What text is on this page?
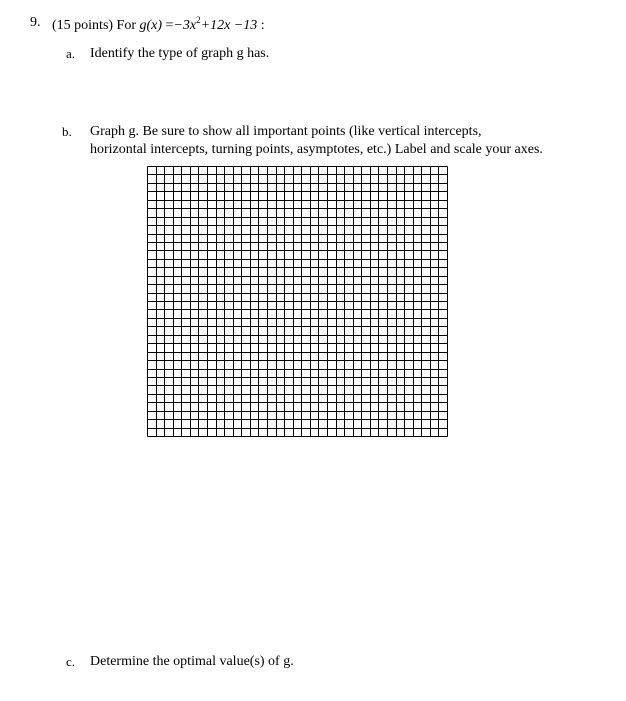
9. (15 points) For $g(x) =-3x^2+12x -13$ :
a. Identify the type of graph g has.
b. Graph g. Be sure to show all important points (like vertical intercepts,
horizontal intercepts, turning points, asymptotes, etc.) Label and scale your axes.
c. Determine the optimal value(s) of g.
